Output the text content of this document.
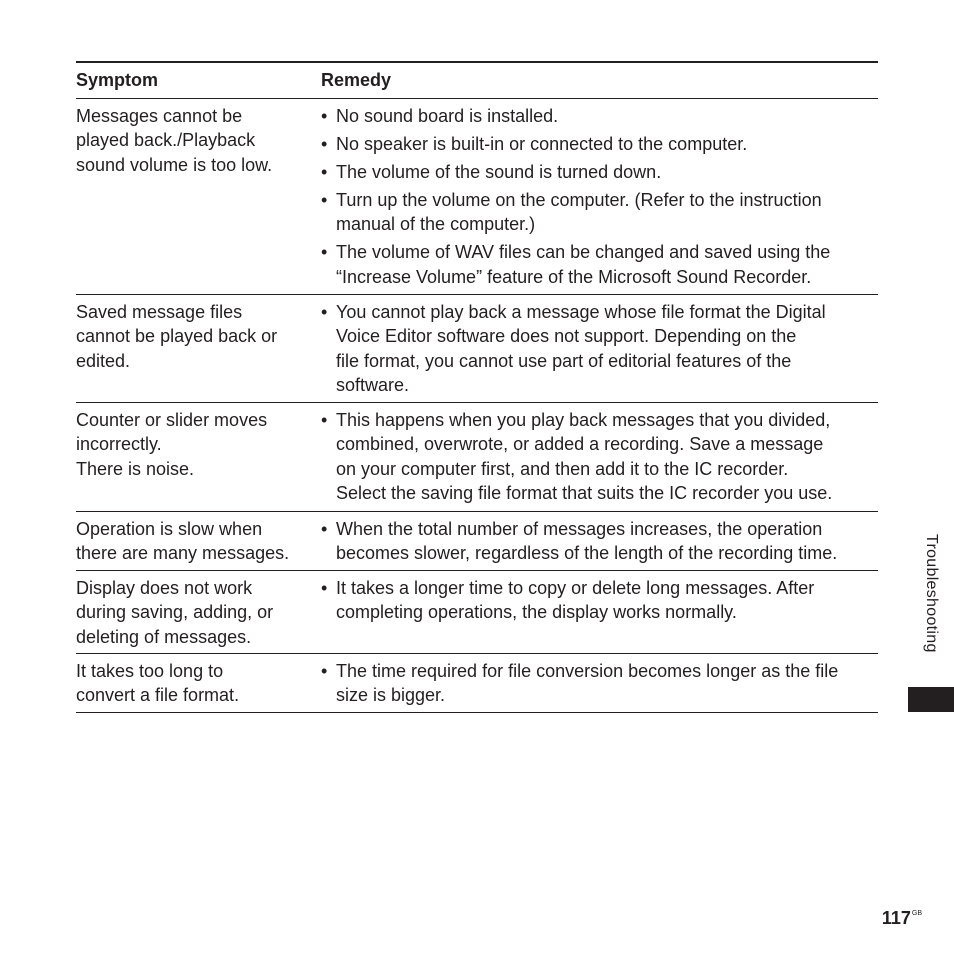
Symptom	Remedy
Messages cannot be
played back./Playback
sound volume is too low.
• No sound board is installed.
• No speaker is built-in or connected to the computer.
• The volume of the sound is turned down.
• Turn up the volume on the computer. (Refer to the instruction
manual of the computer.)
• The volume of WAV files can be changed and saved using the
“Increase Volume” feature of the Microsoft Sound Recorder.
Saved message files
cannot be played back or
edited.
• You cannot play back a message whose file format the Digital
Voice Editor software does not support. Depending on the
file format, you cannot use part of editorial features of the
software.
Counter or slider moves
incorrectly.
There is noise.
• This happens when you play back messages that you divided,
combined, overwrote, or added a recording. Save a message
on your computer first, and then add it to the IC recorder.
Select the saving file format that suits the IC recorder you use.
Operation is slow when
there are many messages.
• When the total number of messages increases, the operation
becomes slower, regardless of the length of the recording time.
Display does not work
during saving, adding, or
deleting of messages.
• It takes a longer time to copy or delete long messages. After
completing operations, the display works normally.
It takes too long to
convert a file format.
• The time required for file conversion becomes longer as the file
size is bigger.
Troubleshooting
$117^{GB}$
